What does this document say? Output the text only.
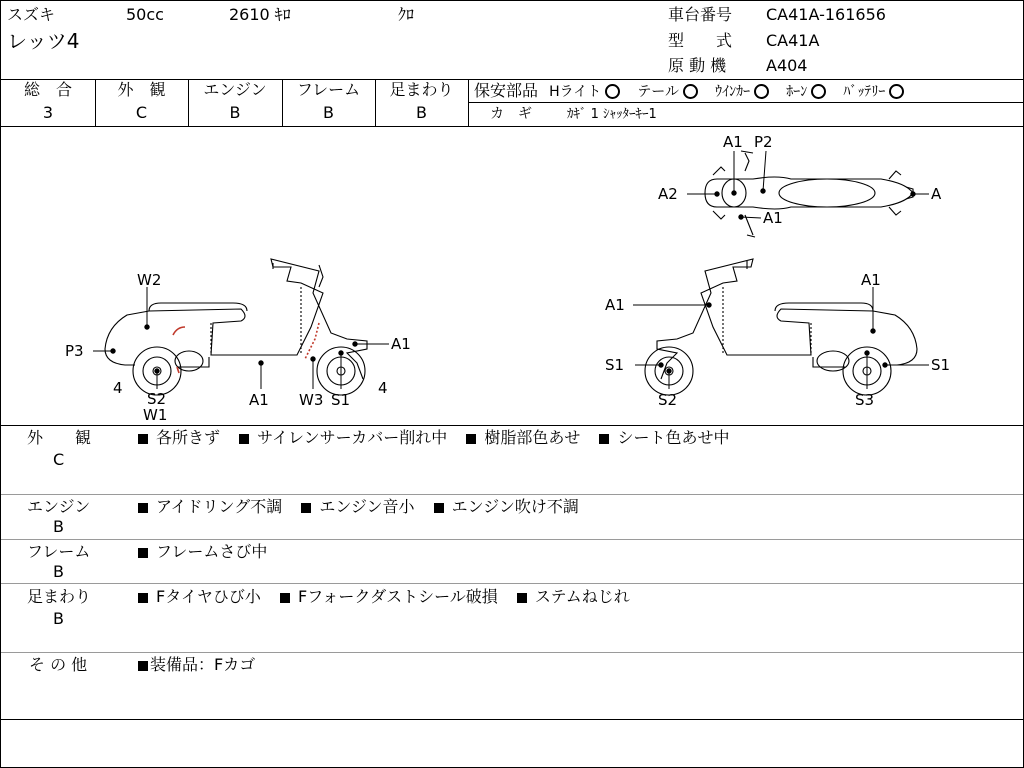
スズキ	50cc	2610 ｷﾛ	ｸﾛ
レッツ4
車台番号 CA41A-161656
型　　式 CA41A
原 動 機 A404
総　合
3
外　観
C
エンジン
B
フレーム
B
足まわり
B
保安部品 Hライト	テール	ｳｲﾝｶｰ	ﾎｰﾝ	ﾊﾞｯﾃﾘｰ
カ　ギ	ｶｷﾞ 1 ｼｬｯﾀｰｷｰ1
A1 P2
A2	A
A1
W2
P3
4
S2
W1
A1 W3 S1
4
A1
A1
A1
S1
S2	S3
S1
外　　観
C
各所きず サイレンサーカバー削れ中 樹脂部色あせ シート色あせ中
エンジン
B
アイドリング不調 エンジン音小 エンジン吹け不調
フレーム
B
フレームさび中
足まわり
B
Fタイヤひび小 Fフォークダストシール破損 ステムねじれ
そ の 他	装備品：Fカゴ
